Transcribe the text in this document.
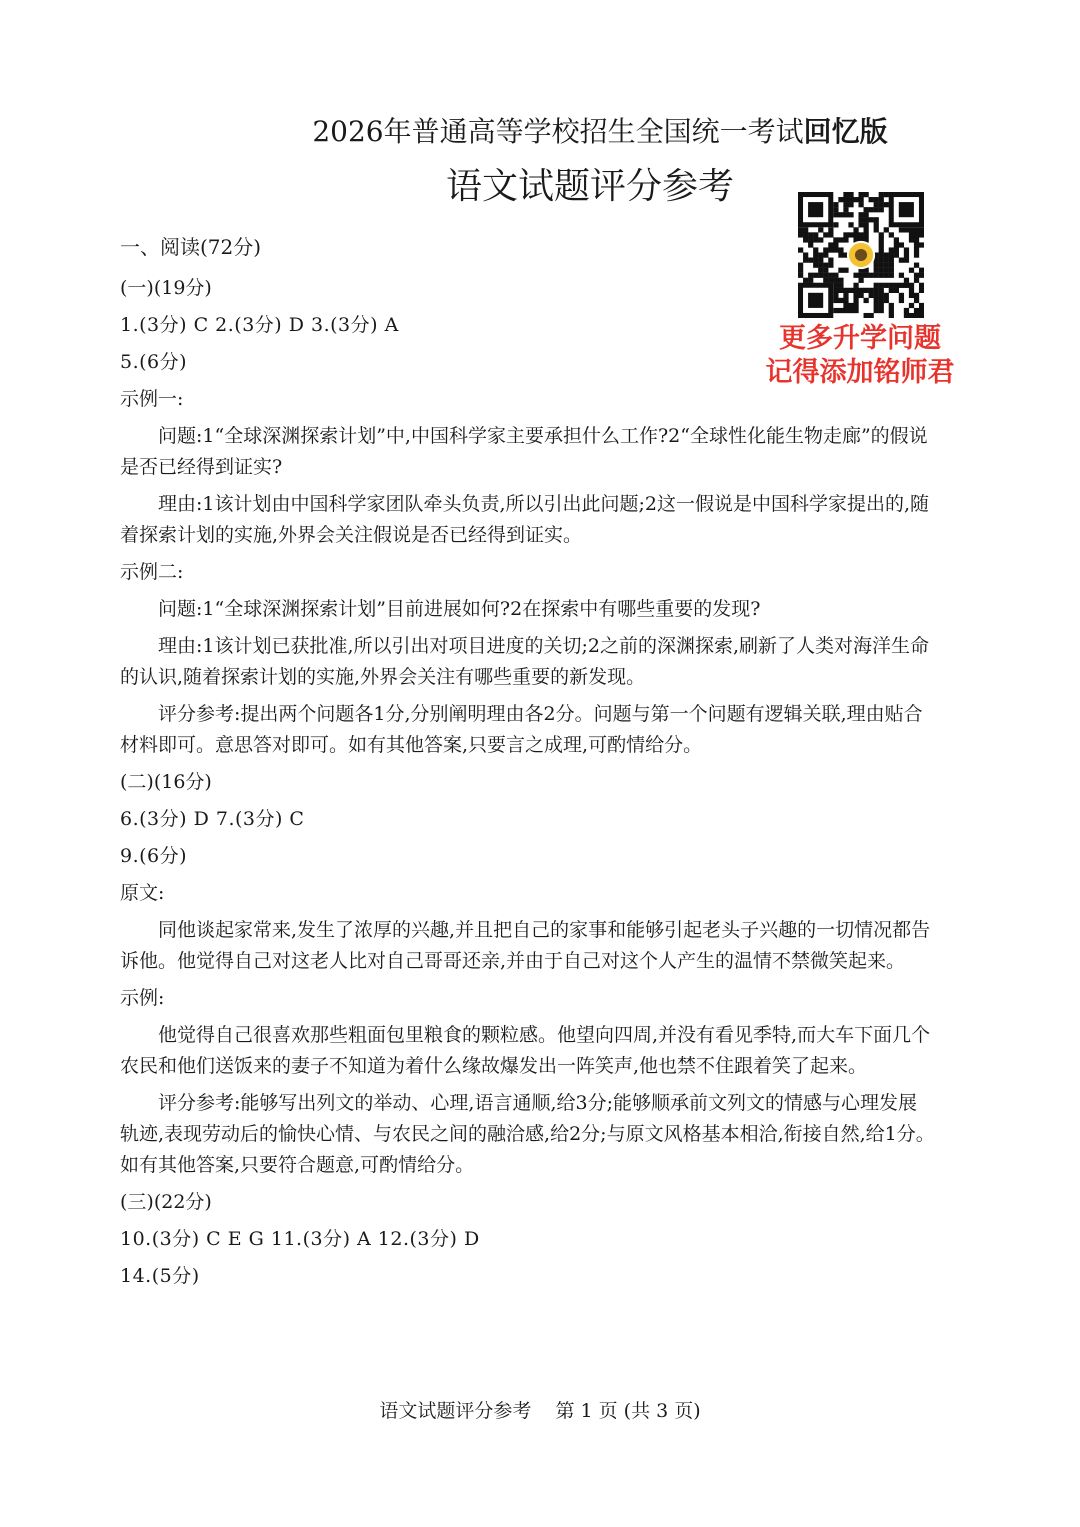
2026年普通高等学校招生全国统一考试回忆版
语文试题评分参考
更多升学问题
记得添加铭师君

一、阅读(72分)

(一)(19分)

1.(3分) C 2.(3分) D 3.(3分) A

5.(6分)

示例一:

问题:1“全球深渊探索计划”中,中国科学家主要承担什么工作?2“全球性化能生物走廊”的假说是否已经得到证实?

理由:1该计划由中国科学家团队牵头负责,所以引出此问题;2这一假说是中国科学家提出的,随着探索计划的实施,外界会关注假说是否已经得到证实。

示例二:

问题:1“全球深渊探索计划”目前进展如何?2在探索中有哪些重要的发现?

理由:1该计划已获批准,所以引出对项目进度的关切;2之前的深渊探索,刷新了人类对海洋生命的认识,随着探索计划的实施,外界会关注有哪些重要的新发现。

评分参考:提出两个问题各1分,分别阐明理由各2分。问题与第一个问题有逻辑关联,理由贴合材料即可。意思答对即可。如有其他答案,只要言之成理,可酌情给分。

(二)(16分)

6.(3分) D 7.(3分) C

9.(6分)

原文:

同他谈起家常来,发生了浓厚的兴趣,并且把自己的家事和能够引起老头子兴趣的一切情况都告诉他。他觉得自己对这老人比对自己哥哥还亲,并由于自己对这个人产生的温情不禁微笑起来。

示例:

他觉得自己很喜欢那些粗面包里粮食的颗粒感。他望向四周,并没有看见季特,而大车下面几个农民和他们送饭来的妻子不知道为着什么缘故爆发出一阵笑声,他也禁不住跟着笑了起来。

评分参考:能够写出列文的举动、心理,语言通顺,给3分;能够顺承前文列文的情感与心理发展轨迹,表现劳动后的愉快心情、与农民之间的融洽感,给2分;与原文风格基本相洽,衔接自然,给1分。如有其他答案,只要符合题意,可酌情给分。

(三)(22分)

10.(3分) C E G 11.(3分) A 12.(3分) D

14.(5分)

语文试题评分参考    第 1 页 (共 3 页)
